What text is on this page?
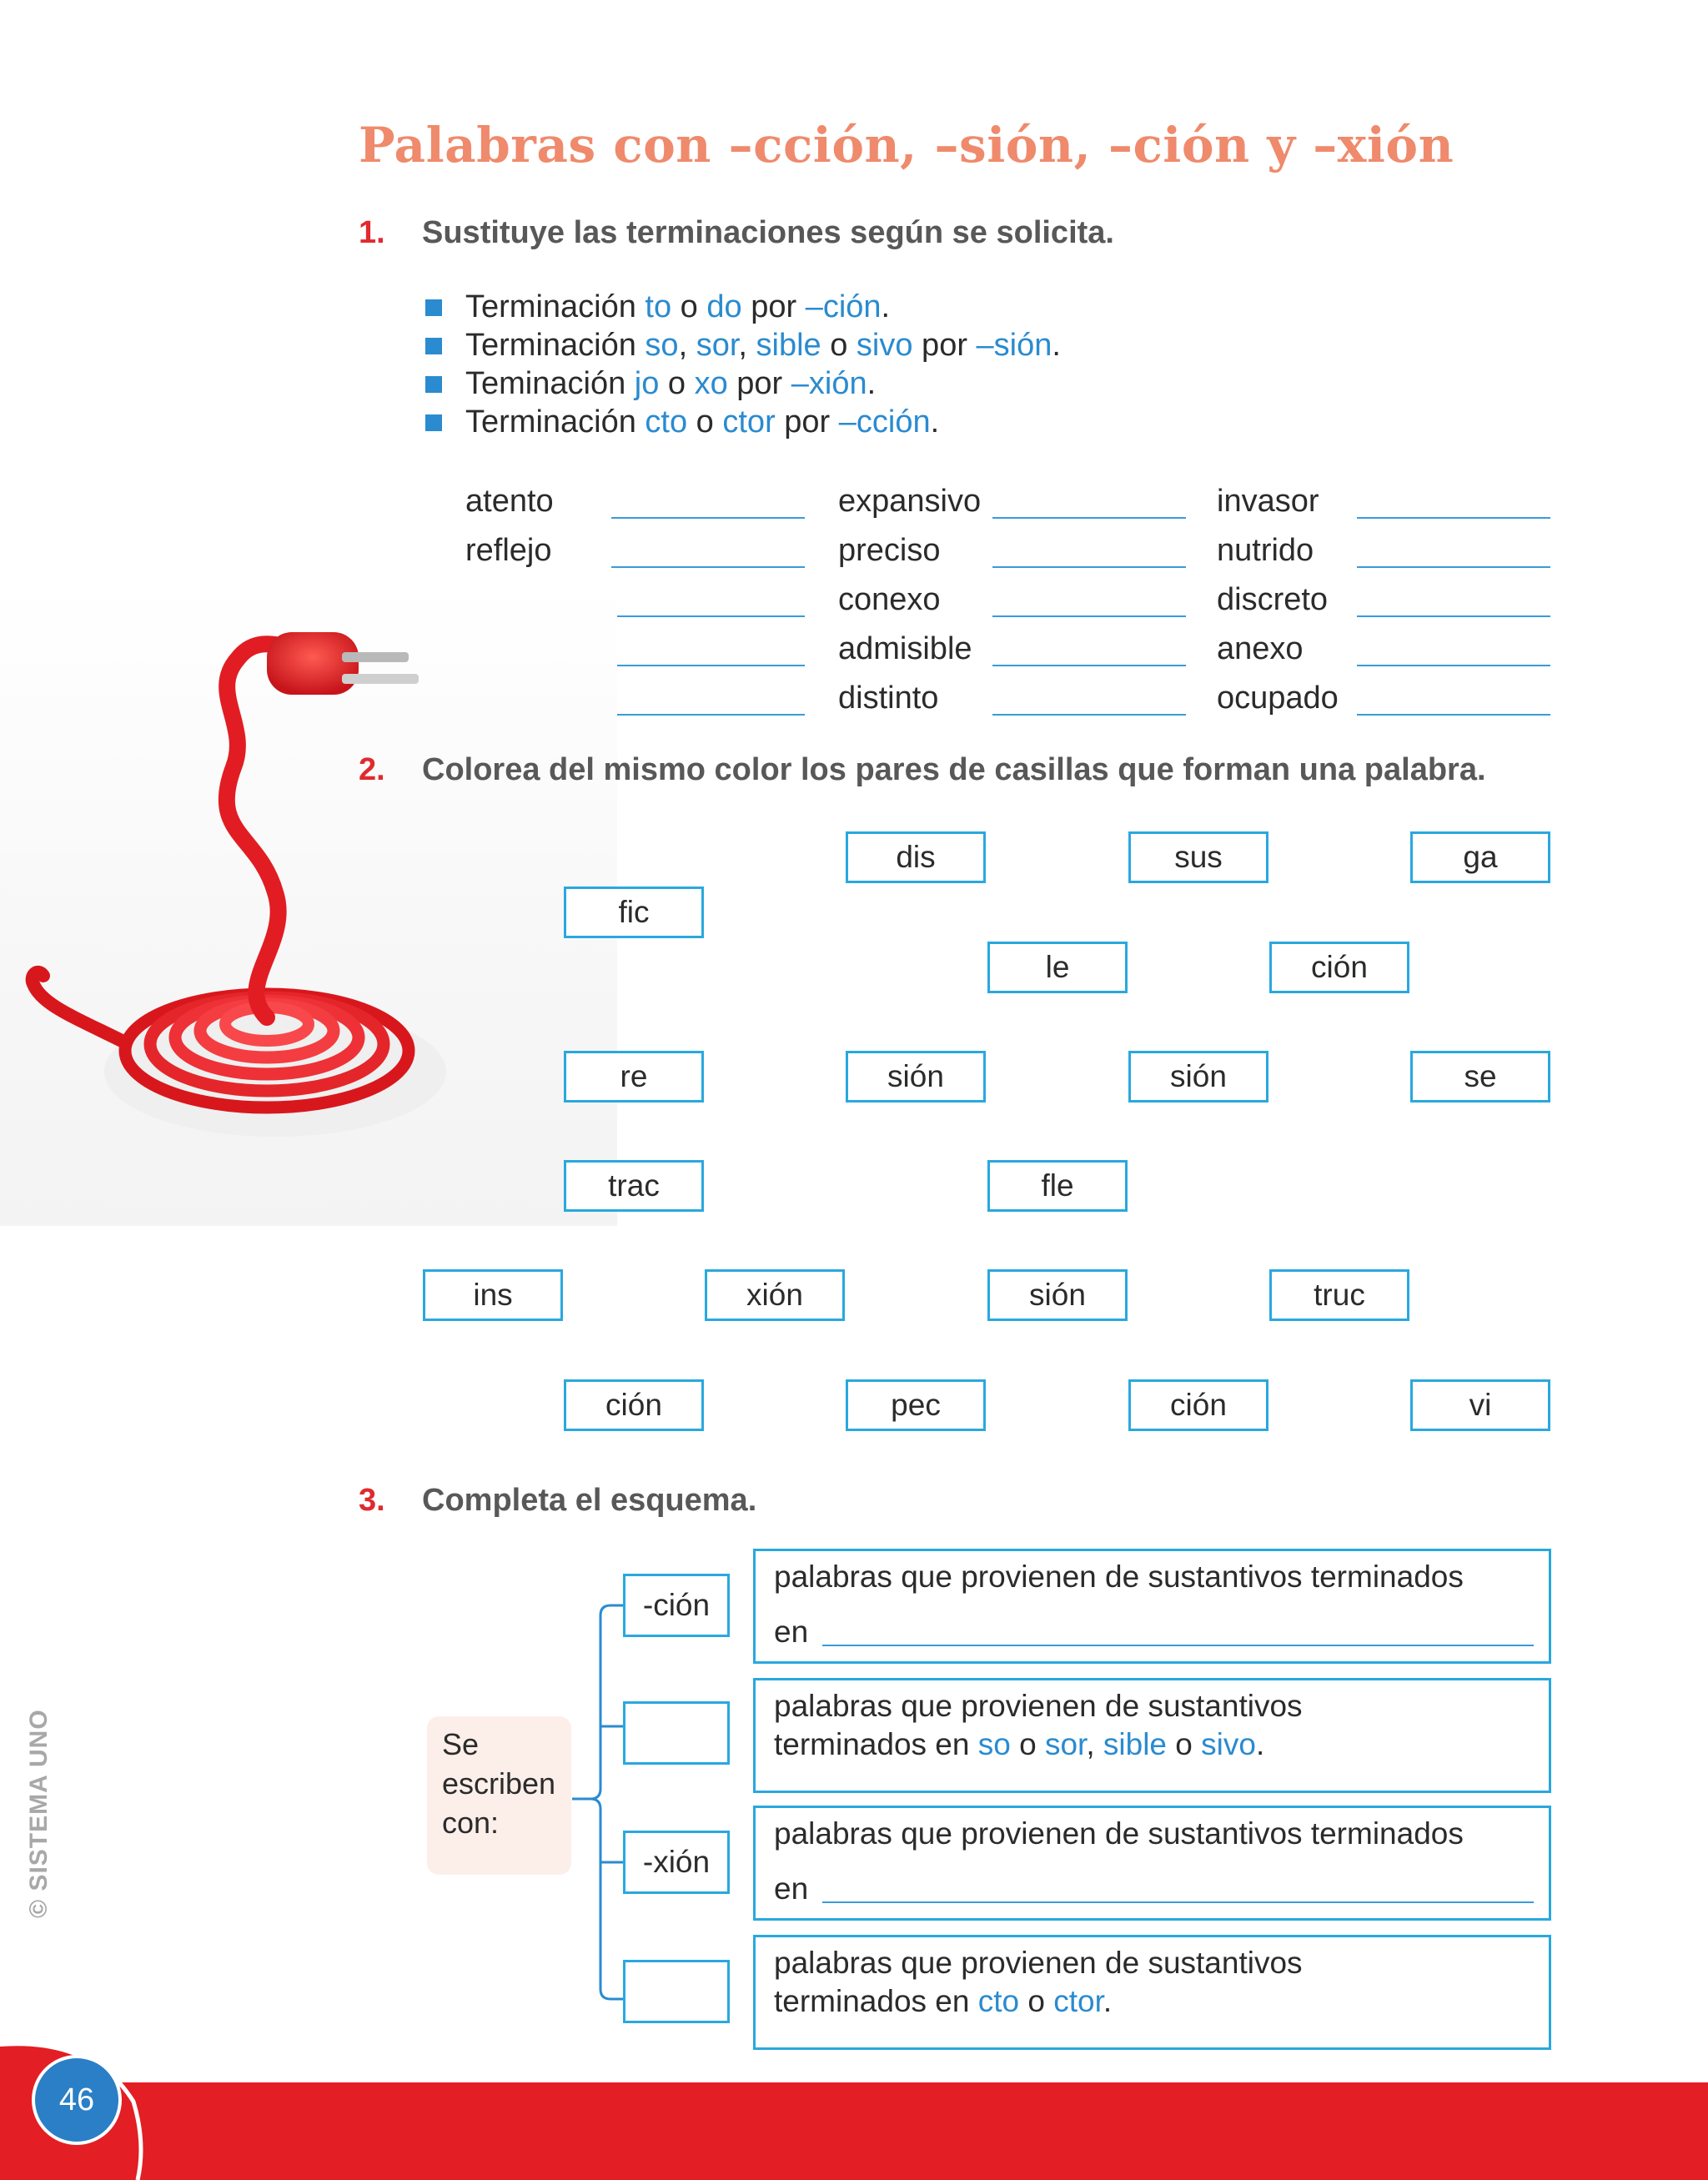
Palabras con –cción, –sión, –ción y –xión
1. Sustituye las terminaciones según se solicita.
Terminación to o do por –ción.
Terminación so, sor, sible o sivo por –sión.
Teminación jo o xo por –xión.
Terminación cto o ctor por –cción.
atento
reflejo
expansivo
preciso
conexo
admisible
distinto
invasor
nutrido
discreto
anexo
ocupado
2. Colorea del mismo color los pares de casillas que forman una palabra.
dis	sus	ga
fic
le	ción
re	sión	sión	se
trac	fle
ins	xión	sión	truc
ción	pec	ción	vi
3. Completa el esquema.
Se escriben con:
-ción
-xión
palabras que provienen de sustantivos terminados
en
palabras que provienen de sustantivos
terminados en so o sor, sible o sivo.
palabras que provienen de sustantivos terminados
en
palabras que provienen de sustantivos
terminados en cto o ctor.
© SISTEMA UNO
46
